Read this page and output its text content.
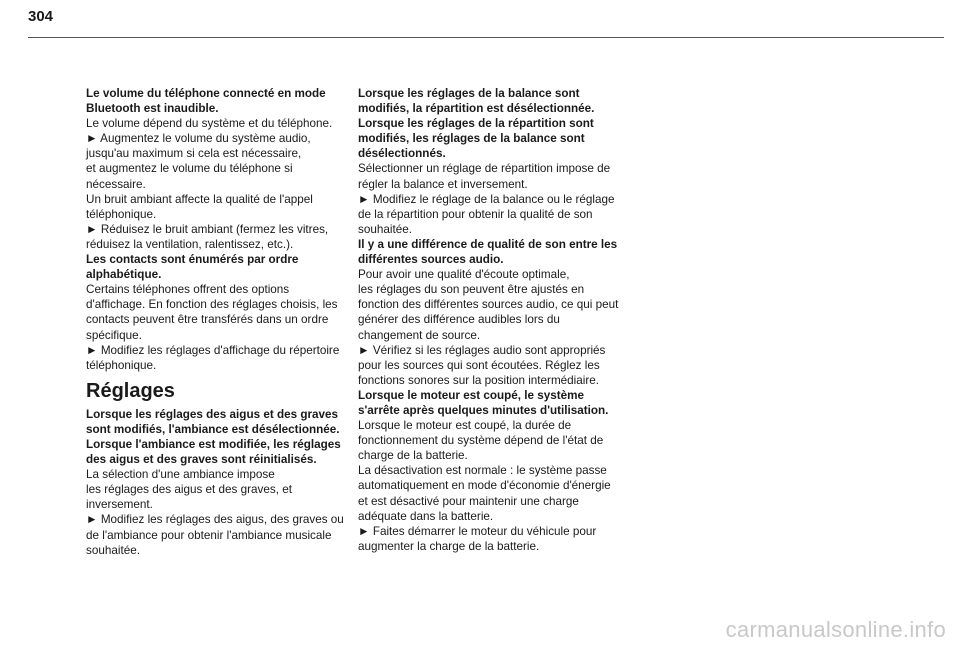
304

Le volume du téléphone connecté en mode Bluetooth est inaudible.

Le volume dépend du système et du téléphone.

► Augmentez le volume du système audio, jusqu'au maximum si cela est nécessaire,

et augmentez le volume du téléphone si nécessaire.

Un bruit ambiant affecte la qualité de l'appel téléphonique.

► Réduisez le bruit ambiant (fermez les vitres, réduisez la ventilation, ralentissez, etc.).

Les contacts sont énumérés par ordre alphabétique.

Certains téléphones offrent des options d'affichage. En fonction des réglages choisis, les contacts peuvent être transférés dans un ordre spécifique.

► Modifiez les réglages d'affichage du répertoire téléphonique.

Réglages

Lorsque les réglages des aigus et des graves sont modifiés, l'ambiance est désélectionnée.

Lorsque l'ambiance est modifiée, les réglages des aigus et des graves sont réinitialisés.

La sélection d'une ambiance impose

les réglages des aigus et des graves, et inversement.

► Modifiez les réglages des aigus, des graves ou de l'ambiance pour obtenir l'ambiance musicale souhaitée.

Lorsque les réglages de la balance sont modifiés, la répartition est désélectionnée.

Lorsque les réglages de la répartition sont modifiés, les réglages de la balance sont désélectionnés.

Sélectionner un réglage de répartition impose de régler la balance et inversement.

► Modifiez le réglage de la balance ou le réglage de la répartition pour obtenir la qualité de son souhaitée.

Il y a une différence de qualité de son entre les différentes sources audio.

Pour avoir une qualité d'écoute optimale,

les réglages du son peuvent être ajustés en fonction des différentes sources audio, ce qui peut générer des différence audibles lors du changement de source.

► Vérifiez si les réglages audio sont appropriés pour les sources qui sont écoutées. Réglez les fonctions sonores sur la position intermédiaire.

Lorsque le moteur est coupé, le système s'arrête après quelques minutes d'utilisation.

Lorsque le moteur est coupé, la durée de fonctionnement du système dépend de l'état de charge de la batterie.

La désactivation est normale : le système passe automatiquement en mode d'économie d'énergie et est désactivé pour maintenir une charge adéquate dans la batterie.

► Faites démarrer le moteur du véhicule pour augmenter la charge de la batterie.

carmanualsonline.info
